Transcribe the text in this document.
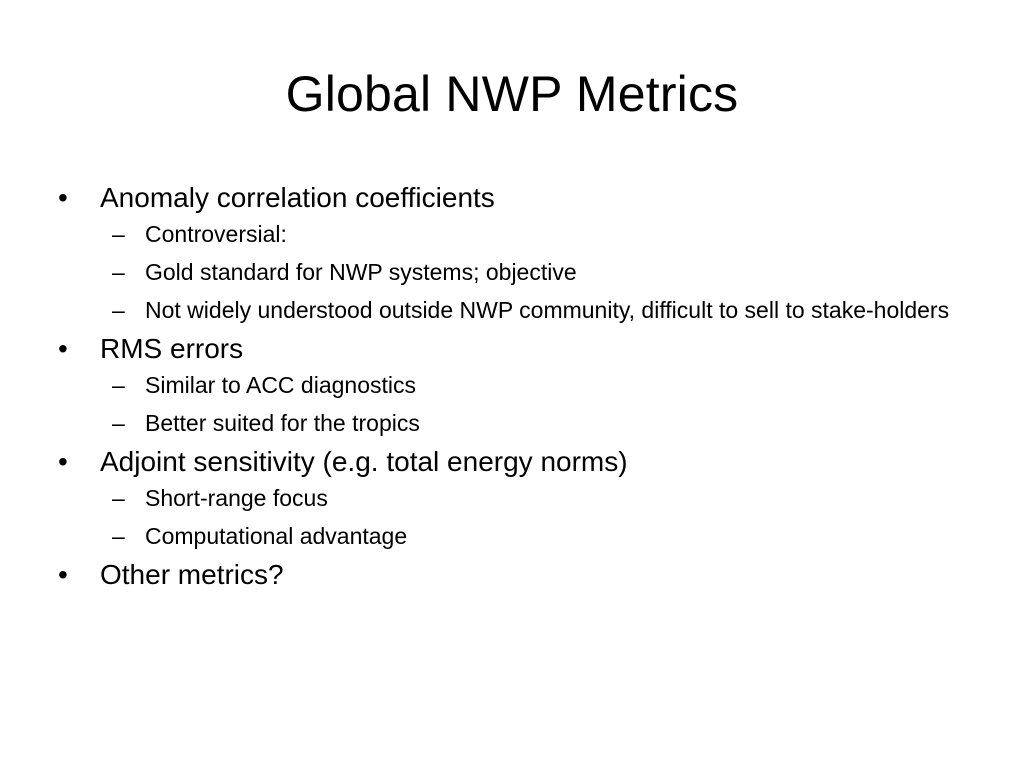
Global NWP Metrics
• Anomaly correlation coefficients
– Controversial:
– Gold standard for NWP systems; objective
– Not widely understood outside NWP community, difficult to sell to stake-holders
• RMS errors
– Similar to ACC diagnostics
– Better suited for the tropics
• Adjoint sensitivity (e.g. total energy norms)
– Short-range focus
– Computational advantage
• Other metrics?
